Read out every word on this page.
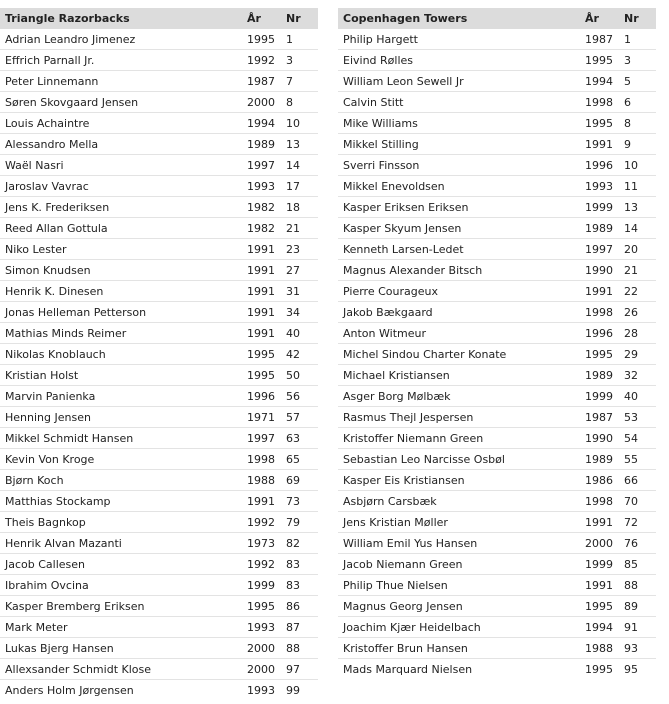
Triangle Razorbacks	År	Nr
Adrian Leandro Jimenez	1995	1
Effrich Parnall Jr.	1992	3
Peter Linnemann	1987	7
Søren Skovgaard Jensen	2000	8
Louis Achaintre	1994	10
Alessandro Mella	1989	13
Waël Nasri	1997	14
Jaroslav Vavrac	1993	17
Jens K. Frederiksen	1982	18
Reed Allan Gottula	1982	21
Niko Lester	1991	23
Simon Knudsen	1991	27
Henrik K. Dinesen	1991	31
Jonas Helleman Petterson	1991	34
Mathias Minds Reimer	1991	40
Nikolas Knoblauch	1995	42
Kristian Holst	1995	50
Marvin Panienka	1996	56
Henning Jensen	1971	57
Mikkel Schmidt Hansen	1997	63
Kevin Von Kroge	1998	65
Bjørn Koch	1988	69
Matthias Stockamp	1991	73
Theis Bagnkop	1992	79
Henrik Alvan Mazanti	1973	82
Jacob Callesen	1992	83
Ibrahim Ovcina	1999	83
Kasper Bremberg Eriksen	1995	86
Mark Meter	1993	87
Lukas Bjerg Hansen	2000	88
Allexsander Schmidt Klose	2000	97
Anders Holm Jørgensen	1993	99
Copenhagen Towers	År	Nr
Philip Hargett	1987	1
Eivind Rølles	1995	3
William Leon Sewell Jr	1994	5
Calvin Stitt	1998	6
Mike Williams	1995	8
Mikkel Stilling	1991	9
Sverri Finsson	1996	10
Mikkel Enevoldsen	1993	11
Kasper Eriksen Eriksen	1999	13
Kasper Skyum Jensen	1989	14
Kenneth Larsen-Ledet	1997	20
Magnus Alexander Bitsch	1990	21
Pierre Courageux	1991	22
Jakob Bækgaard	1998	26
Anton Witmeur	1996	28
Michel Sindou Charter Konate	1995	29
Michael Kristiansen	1989	32
Asger Borg Mølbæk	1999	40
Rasmus Thejl Jespersen	1987	53
Kristoffer Niemann Green	1990	54
Sebastian Leo Narcisse Osbøl	1989	55
Kasper Eis Kristiansen	1986	66
Asbjørn Carsbæk	1998	70
Jens Kristian Møller	1991	72
William Emil Yus Hansen	2000	76
Jacob Niemann Green	1999	85
Philip Thue Nielsen	1991	88
Magnus Georg Jensen	1995	89
Joachim Kjær Heidelbach	1994	91
Kristoffer Brun Hansen	1988	93
Mads Marquard Nielsen	1995	95
